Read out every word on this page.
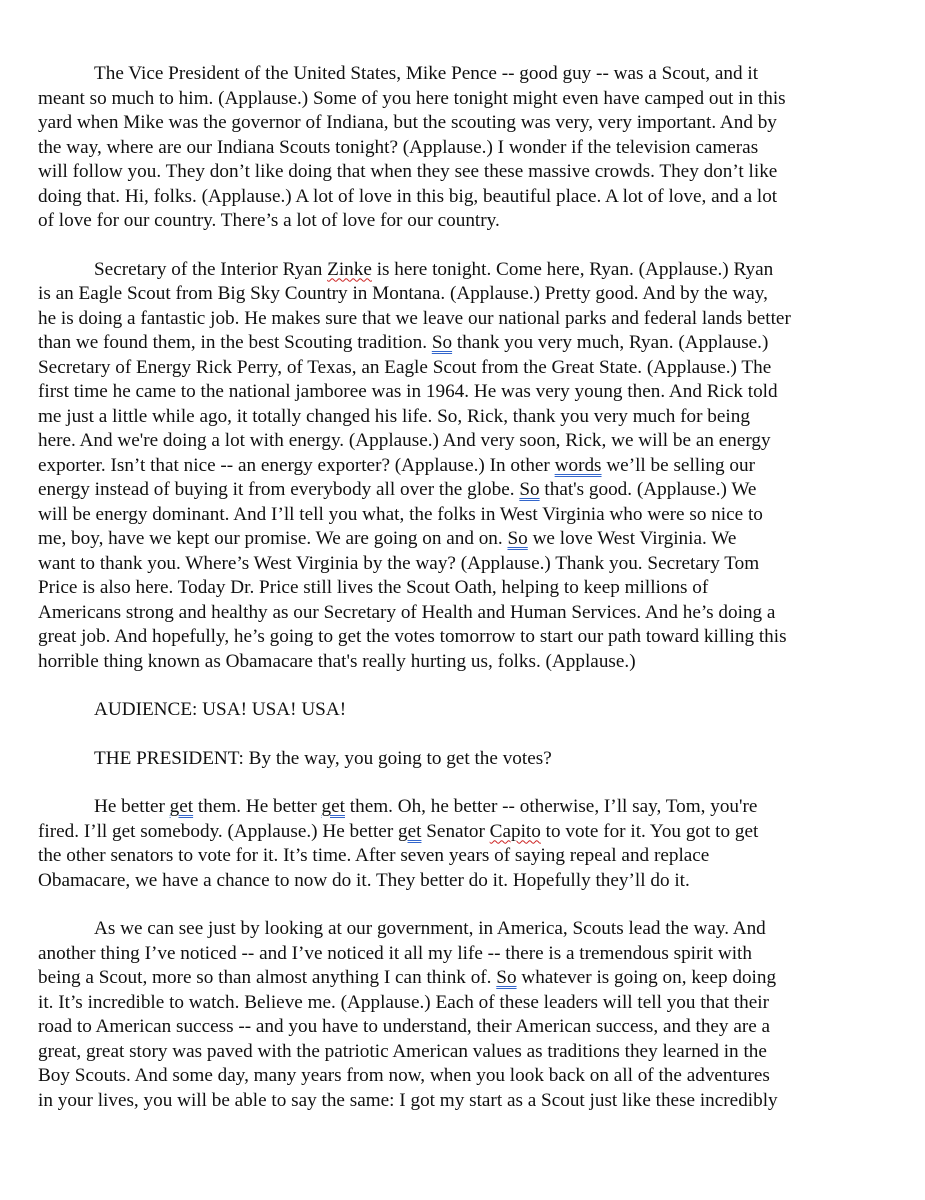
The Vice President of the United States, Mike Pence -- good guy -- was a Scout, and it
meant so much to him. (Applause.) Some of you here tonight might even have camped out in this
yard when Mike was the governor of Indiana, but the scouting was very, very important. And by
the way, where are our Indiana Scouts tonight? (Applause.) I wonder if the television cameras
will follow you. They don’t like doing that when they see these massive crowds. They don’t like
doing that. Hi, folks. (Applause.) A lot of love in this big, beautiful place. A lot of love, and a lot
of love for our country. There’s a lot of love for our country.

Secretary of the Interior Ryan Zinke is here tonight. Come here, Ryan. (Applause.) Ryan
is an Eagle Scout from Big Sky Country in Montana. (Applause.) Pretty good. And by the way,
he is doing a fantastic job. He makes sure that we leave our national parks and federal lands better
than we found them, in the best Scouting tradition. So thank you very much, Ryan. (Applause.)
Secretary of Energy Rick Perry, of Texas, an Eagle Scout from the Great State. (Applause.) The
first time he came to the national jamboree was in 1964. He was very young then. And Rick told
me just a little while ago, it totally changed his life. So, Rick, thank you very much for being
here. And we're doing a lot with energy. (Applause.) And very soon, Rick, we will be an energy
exporter. Isn’t that nice -- an energy exporter? (Applause.) In other words we’ll be selling our
energy instead of buying it from everybody all over the globe. So that's good. (Applause.) We
will be energy dominant. And I’ll tell you what, the folks in West Virginia who were so nice to
me, boy, have we kept our promise. We are going on and on. So we love West Virginia. We
want to thank you. Where’s West Virginia by the way? (Applause.) Thank you. Secretary Tom
Price is also here. Today Dr. Price still lives the Scout Oath, helping to keep millions of
Americans strong and healthy as our Secretary of Health and Human Services. And he’s doing a
great job. And hopefully, he’s going to get the votes tomorrow to start our path toward killing this
horrible thing known as Obamacare that's really hurting us, folks. (Applause.)

AUDIENCE: USA! USA! USA!

THE PRESIDENT: By the way, you going to get the votes?

He better get them. He better get them. Oh, he better -- otherwise, I’ll say, Tom, you're
fired. I’ll get somebody. (Applause.) He better get Senator Capito to vote for it. You got to get
the other senators to vote for it. It’s time. After seven years of saying repeal and replace
Obamacare, we have a chance to now do it. They better do it. Hopefully they’ll do it.

As we can see just by looking at our government, in America, Scouts lead the way. And
another thing I’ve noticed -- and I’ve noticed it all my life -- there is a tremendous spirit with
being a Scout, more so than almost anything I can think of. So whatever is going on, keep doing
it. It’s incredible to watch. Believe me. (Applause.) Each of these leaders will tell you that their
road to American success -- and you have to understand, their American success, and they are a
great, great story was paved with the patriotic American values as traditions they learned in the
Boy Scouts. And some day, many years from now, when you look back on all of the adventures
in your lives, you will be able to say the same: I got my start as a Scout just like these incredibly
